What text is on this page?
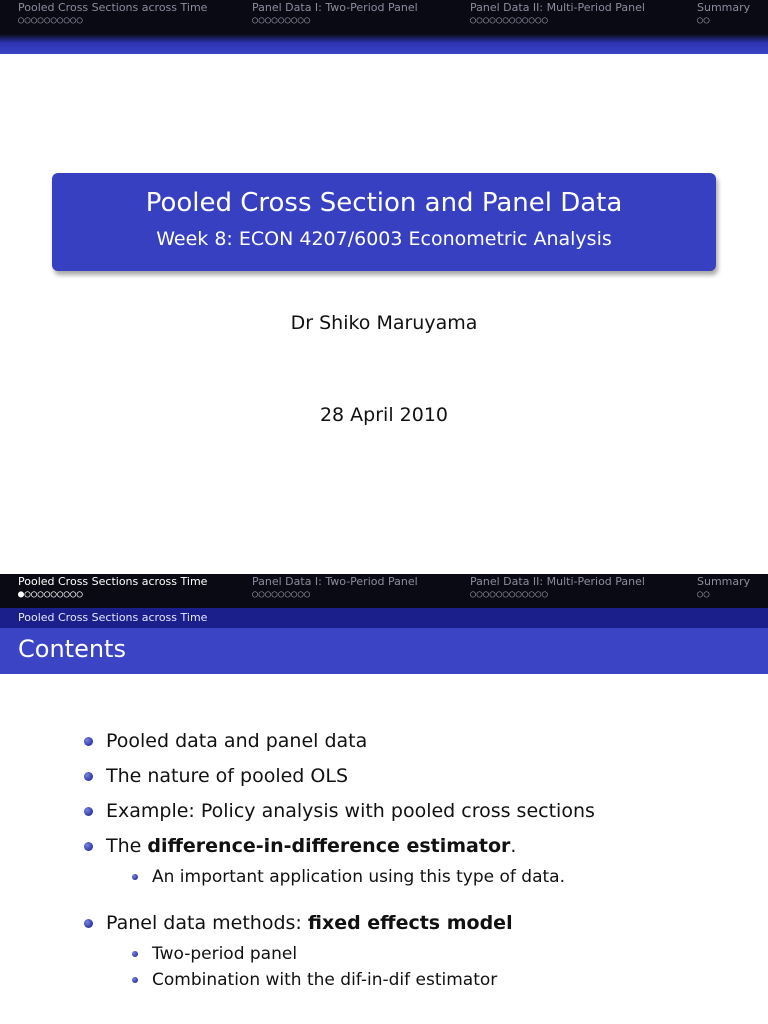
Pooled Cross Sections across Time
○○○○○○○○○○
Panel Data I: Two-Period Panel
○○○○○○○○○
Panel Data II: Multi-Period Panel
○○○○○○○○○○○○
Summary
○○
Pooled Cross Section and Panel Data
Week 8: ECON 4207/6003 Econometric Analysis
Dr Shiko Maruyama
28 April 2010
Pooled Cross Sections across Time
●○○○○○○○○○
Panel Data I: Two-Period Panel
○○○○○○○○○
Panel Data II: Multi-Period Panel
○○○○○○○○○○○○
Summary
○○
Pooled Cross Sections across Time
Contents
Pooled data and panel data
The nature of pooled OLS
Example: Policy analysis with pooled cross sections
The difference-in-difference estimator.
An important application using this type of data.
Panel data methods: fixed effects model
Two-period panel
Combination with the dif-in-dif estimator
